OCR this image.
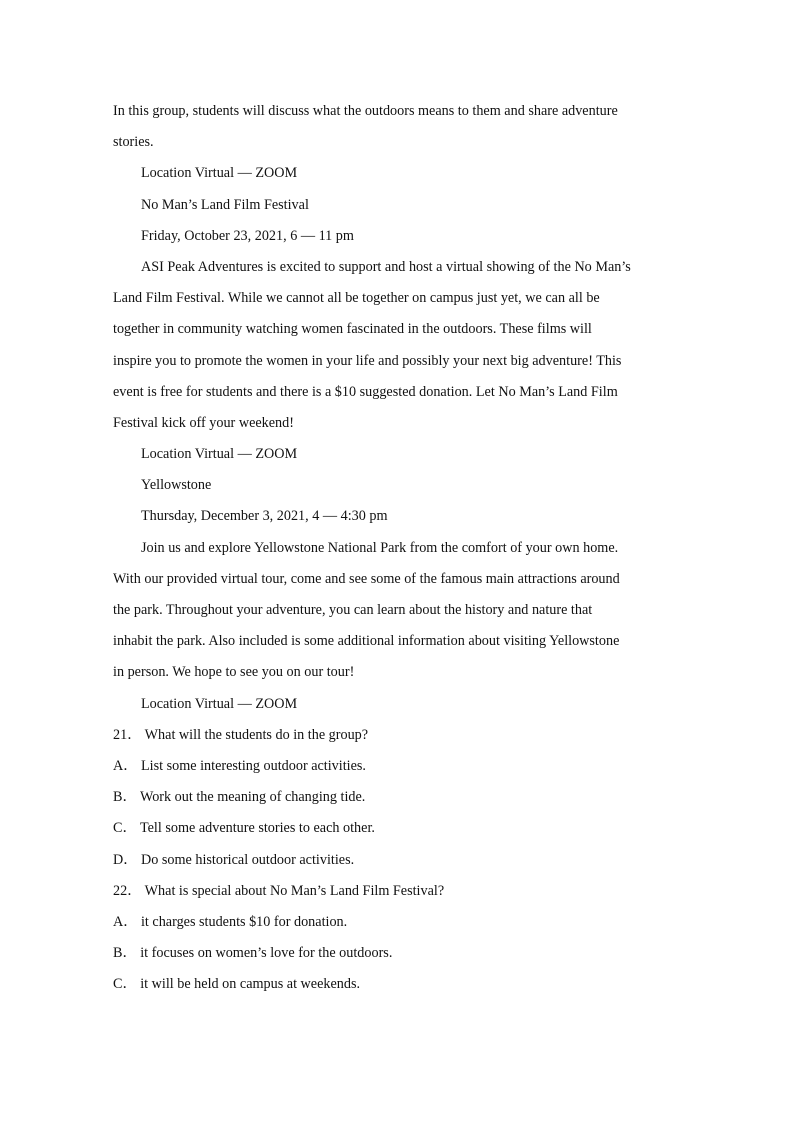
In this group, students will discuss what the outdoors means to them and share adventure
stories.
Location Virtual — ZOOM
No Man’s Land Film Festival
Friday, October 23, 2021, 6 — 11 pm
ASI Peak Adventures is excited to support and host a virtual showing of the No Man’s
Land Film Festival. While we cannot all be together on campus just yet, we can all be
together in community watching women fascinated in the outdoors. These films will
inspire you to promote the women in your life and possibly your next big adventure! This
event is free for students and there is a $10 suggested donation. Let No Man’s Land Film
Festival kick off your weekend!
Location Virtual — ZOOM
Yellowstone
Thursday, December 3, 2021, 4 — 4:30 pm
Join us and explore Yellowstone National Park from the comfort of your own home.
With our provided virtual tour, come and see some of the famous main attractions around
the park. Throughout your adventure, you can learn about the history and nature that
inhabit the park. Also included is some additional information about visiting Yellowstone
in person. We hope to see you on our tour!
Location Virtual — ZOOM
21． What will the students do in the group?
A． List some interesting outdoor activities.
B． Work out the meaning of changing tide.
C． Tell some adventure stories to each other.
D． Do some historical outdoor activities.
22． What is special about No Man’s Land Film Festival?
A． it charges students $10 for donation.
B． it focuses on women’s love for the outdoors.
C． it will be held on campus at weekends.
